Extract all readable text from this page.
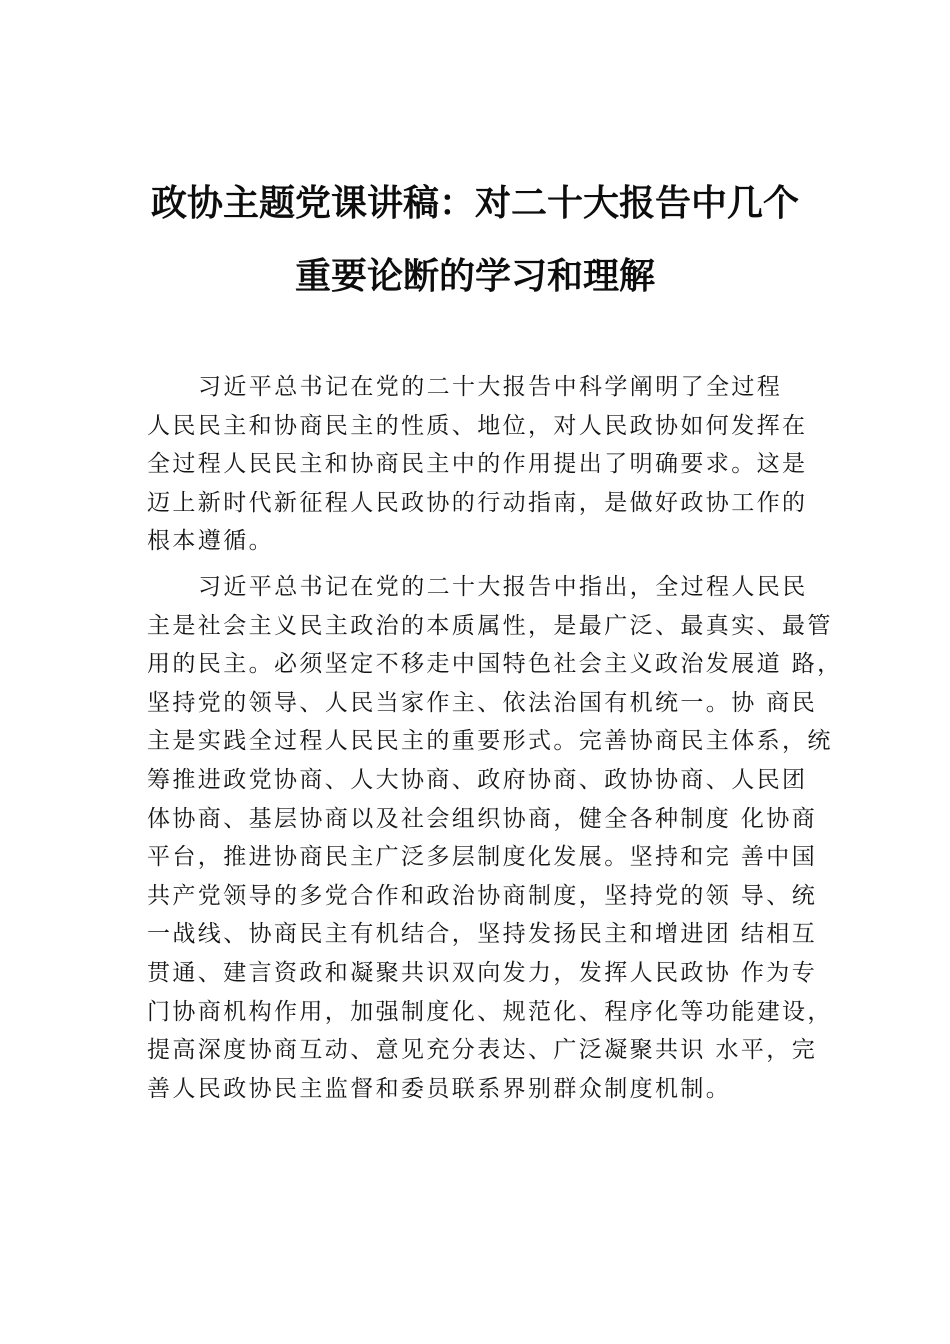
政协主题党课讲稿：对二十大报告中几个
重要论断的学习和理解
习近平总书记在党的二十大报告中科学阐明了全过程
人民民主和协商民主的性质、地位，对人民政协如何发挥在
全过程人民民主和协商民主中的作用提出了明确要求。这是
迈上新时代新征程人民政协的行动指南，是做好政协工作的
根本遵循。
习近平总书记在党的二十大报告中指出，全过程人民民
主是社会主义民主政治的本质属性，是最广泛、最真实、最管
用的民主。必须坚定不移走中国特色社会主义政治发展道 路，
坚持党的领导、人民当家作主、依法治国有机统一。协 商民
主是实践全过程人民民主的重要形式。完善协商民主体系，统
筹推进政党协商、人大协商、政府协商、政协协商、人民团
体协商、基层协商以及社会组织协商，健全各种制度 化协商
平台，推进协商民主广泛多层制度化发展。坚持和完 善中国
共产党领导的多党合作和政治协商制度，坚持党的领 导、统
一战线、协商民主有机结合，坚持发扬民主和增进团 结相互
贯通、建言资政和凝聚共识双向发力，发挥人民政协 作为专
门协商机构作用，加强制度化、规范化、程序化等功能建设，
提高深度协商互动、意见充分表达、广泛凝聚共识 水平，完
善人民政协民主监督和委员联系界别群众制度机制。
